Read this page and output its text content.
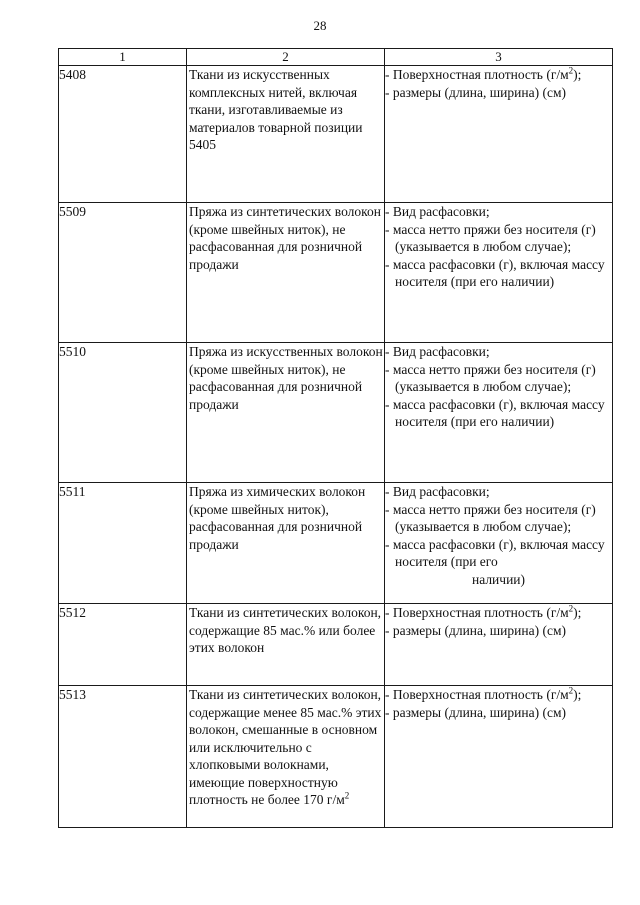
28
1	2	3
5408	Ткани из искусственных комплексных нитей, включая ткани, изготавливаемые из материалов товарной позиции 5405	- Поверхностная плотность $(г/м^2)$;
- размеры (длина, ширина) (см)

5509	Пряжа из синтетических волокон (кроме швейных ниток), не расфасованная для розничной продажи	- Вид расфасовки;
- масса нетто пряжи без носителя (г) (указывается в любом случае);
- масса расфасовки (г), включая массу носителя (при его наличии)

5510	Пряжа из искусственных волокон (кроме швейных ниток), не расфасованная для розничной продажи	- Вид расфасовки;
- масса нетто пряжи без носителя (г) (указывается в любом случае);
- масса расфасовки (г), включая массу носителя (при его наличии)

5511	Пряжа из химических волокон (кроме швейных ниток), расфасованная для розничной продажи	- Вид расфасовки;
- масса нетто пряжи без носителя (г) (указывается в любом случае);
- масса расфасовки (г), включая массу носителя (при его
наличии)

5512	Ткани из синтетических волокон, содержащие 85 мас.% или более этих волокон	- Поверхностная плотность $(г/м^2)$;
- размеры (длина, ширина) (см)

5513	Ткани из синтетических волокон, содержащие менее 85 мас.% этих волокон, смешанные в основном или исключительно с хлопковыми волокнами, имеющие поверхностную плотность не более 170 $г/м^2$	- Поверхностная плотность $(г/м^2)$;
- размеры (длина, ширина) (см)
